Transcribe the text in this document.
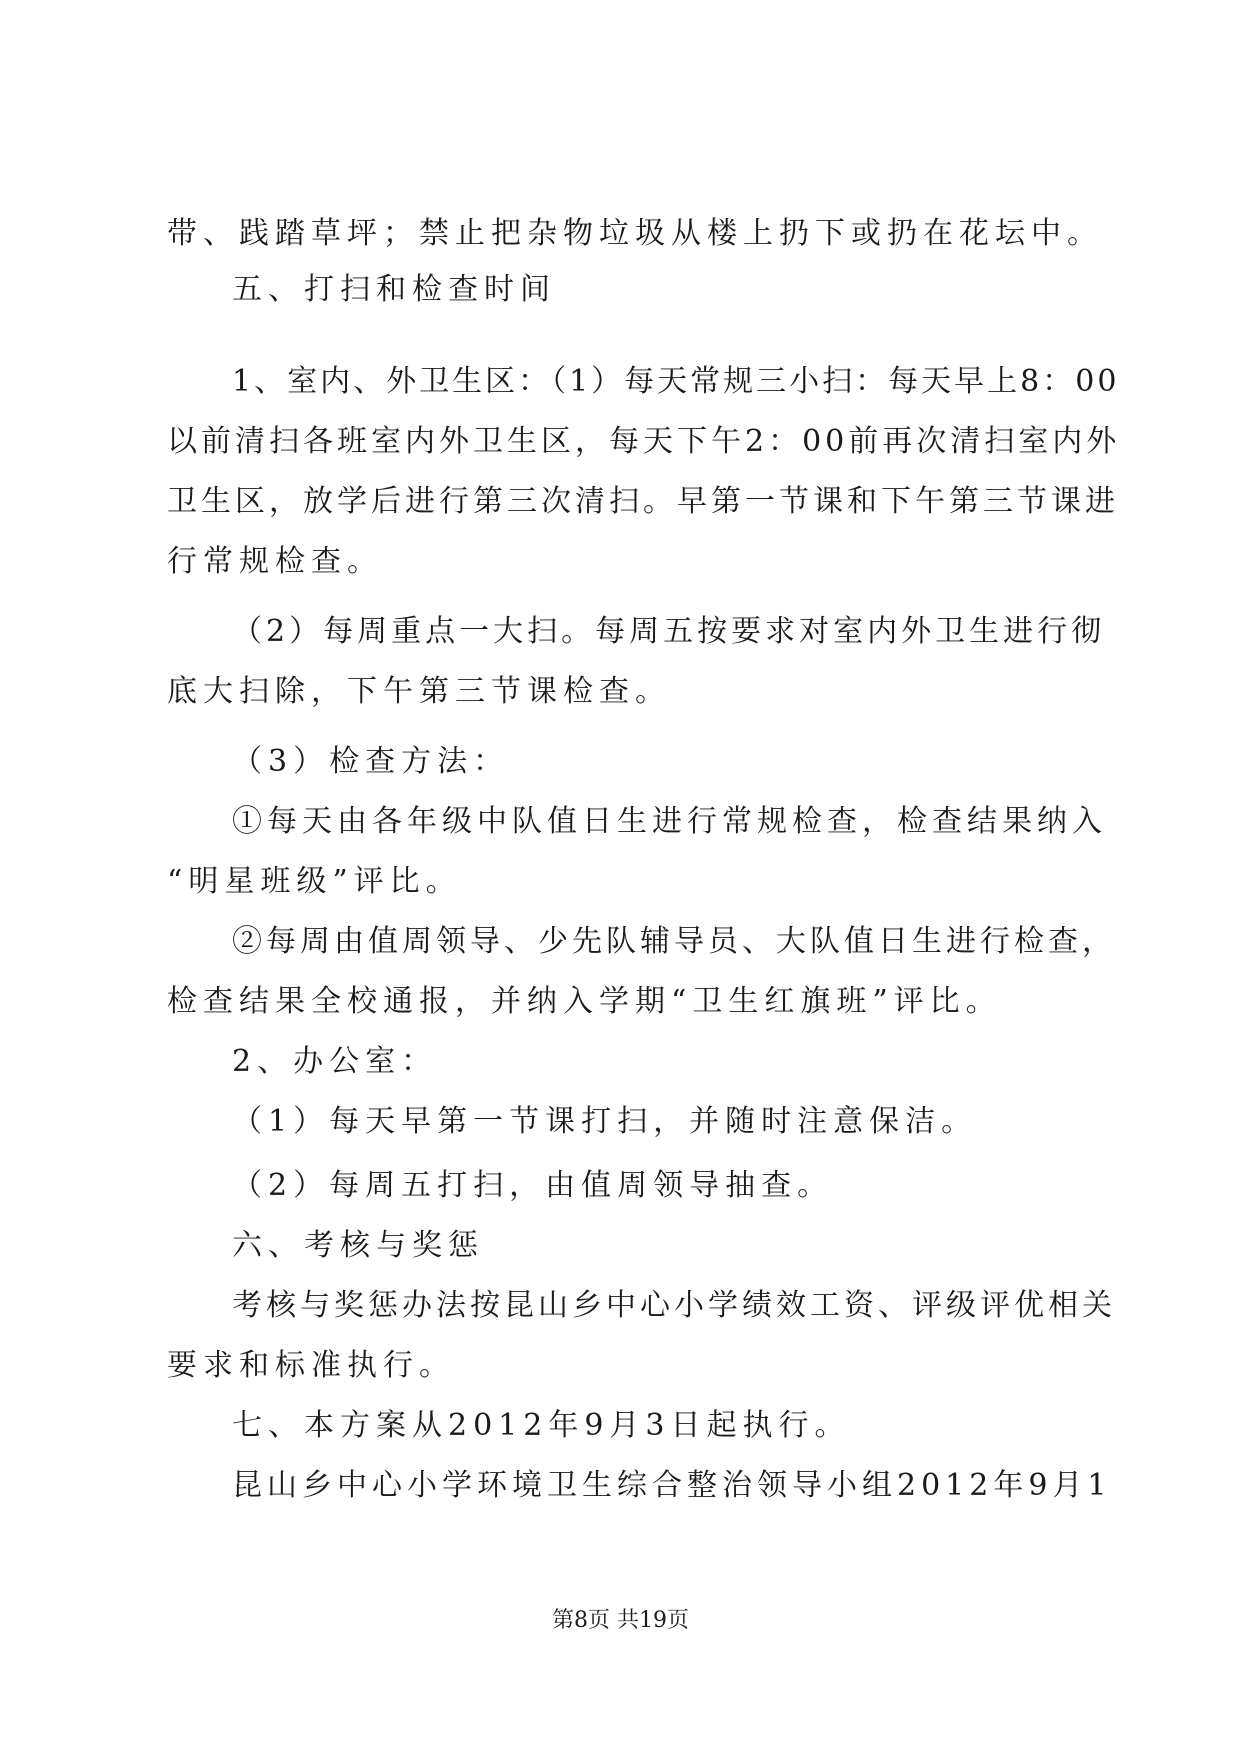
带、践踏草坪；禁止把杂物垃圾从楼上扔下或扔在花坛中。
五、打扫和检查时间
1、室内、外卫生区：（1）每天常规三小扫：每天早上8：00
以前清扫各班室内外卫生区，每天下午2：00前再次清扫室内外
卫生区，放学后进行第三次清扫。早第一节课和下午第三节课进
行常规检查。
（2）每周重点一大扫。每周五按要求对室内外卫生进行彻
底大扫除，下午第三节课检查。
（3）检查方法：
①每天由各年级中队值日生进行常规检查，检查结果纳入
“明星班级”评比。
②每周由值周领导、少先队辅导员、大队值日生进行检查，
检查结果全校通报，并纳入学期“卫生红旗班”评比。
2、办公室：
（1）每天早第一节课打扫，并随时注意保洁。
（2）每周五打扫，由值周领导抽查。
六、考核与奖惩
考核与奖惩办法按昆山乡中心小学绩效工资、评级评优相关
要求和标准执行。
七、本方案从2012年9月3日起执行。
昆山乡中心小学环境卫生综合整治领导小组2012年9月1
第8页 共19页
